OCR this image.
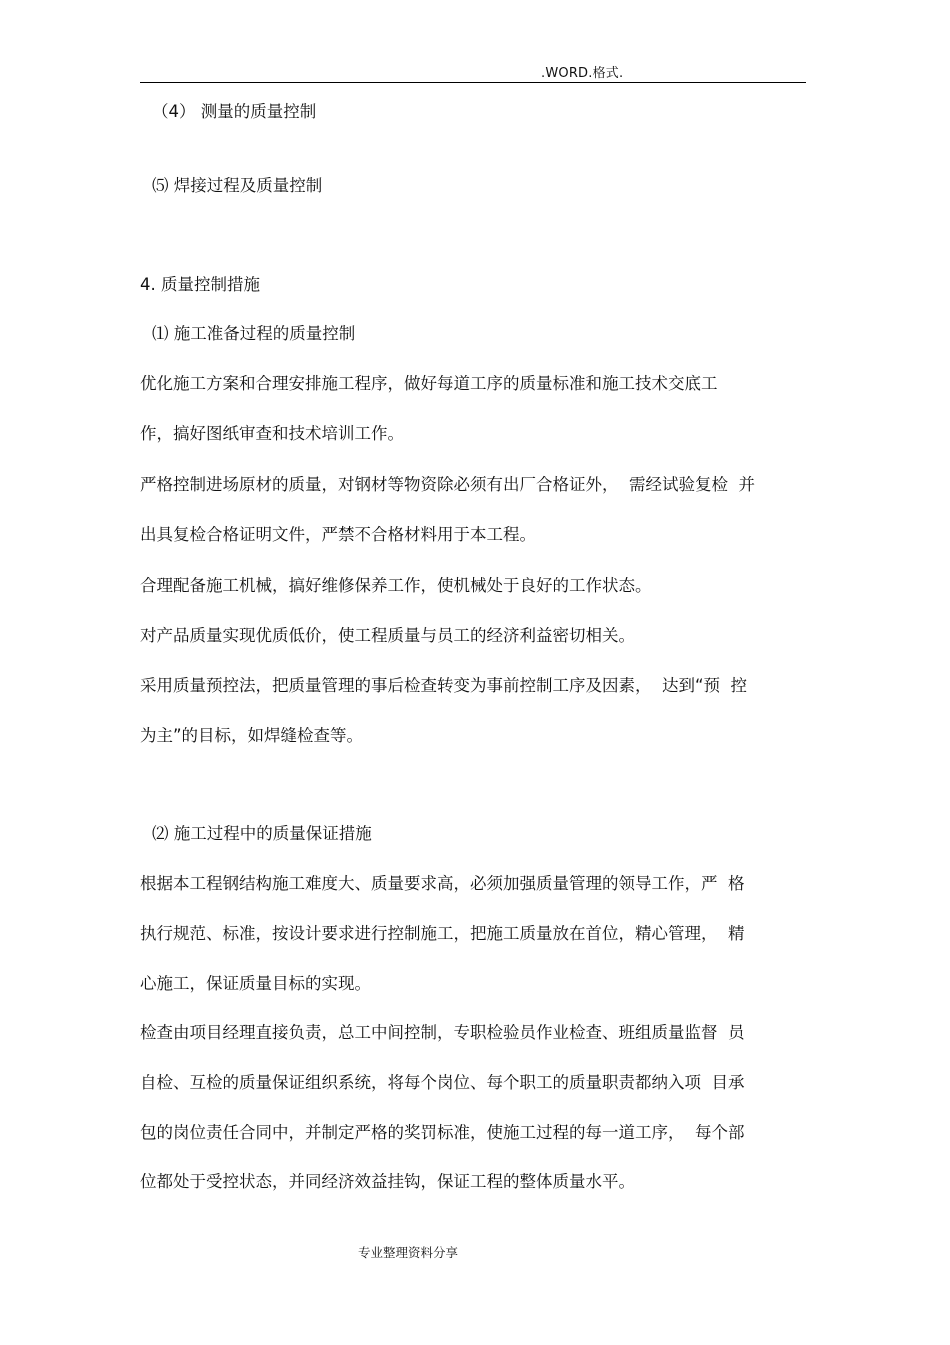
.WORD.格式.
（4） 测量的质量控制
⑸ 焊接过程及质量控制
4. 质量控制措施
⑴ 施工准备过程的质量控制
优化施工方案和合理安排施工程序，做好每道工序的质量标准和施工技术交底工
作，搞好图纸审查和技术培训工作。
严格控制进场原材的质量，对钢材等物资除必须有出厂合格证外，  需经试验复检  并
出具复检合格证明文件，严禁不合格材料用于本工程。
合理配备施工机械，搞好维修保养工作，使机械处于良好的工作状态。
对产品质量实现优质低价，使工程质量与员工的经济利益密切相关。
采用质量预控法，把质量管理的事后检查转变为事前控制工序及因素，  达到“预  控
为主”的目标，如焊缝检查等。
⑵ 施工过程中的质量保证措施
根据本工程钢结构施工难度大、质量要求高，必须加强质量管理的领导工作，严  格
执行规范、标准，按设计要求进行控制施工，把施工质量放在首位，精心管理，  精
心施工，保证质量目标的实现。
检查由项目经理直接负责，总工中间控制，专职检验员作业检查、班组质量监督  员
自检、互检的质量保证组织系统，将每个岗位、每个职工的质量职责都纳入项  目承
包的岗位责任合同中，并制定严格的奖罚标准，使施工过程的每一道工序，  每个部
位都处于受控状态，并同经济效益挂钩，保证工程的整体质量水平。
专业整理资料分享
